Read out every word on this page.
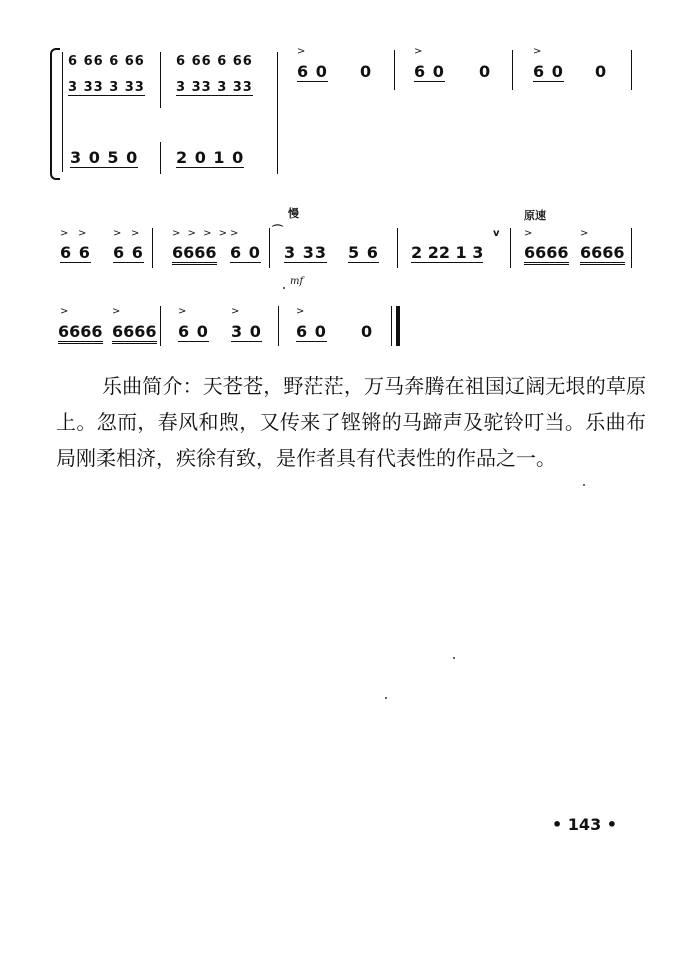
6 66 6 66
3 33 3 33
3 0 5 0
6 66 6 66
3 33 3 33
2 0 1 0
>
6 0 0
>
6 0 0
>
6 0 0
> >
6 6
> >
6 6
> > > >
6666
>
6 0
⌒
慢
3 33 5 6
mf
2 22 1 3
v
原速
>
6666
>
6666
>
6666
>
6666
>
6 0
>
3 0
>
6 0 0

乐曲简介：天苍苍，野茫茫，万马奔腾在祖国辽阔无垠的草原上。忽而，春风和煦，又传来了铿锵的马蹄声及驼铃叮当。乐曲布局刚柔相济，疾徐有致，是作者具有代表性的作品之一。

• 143 •
